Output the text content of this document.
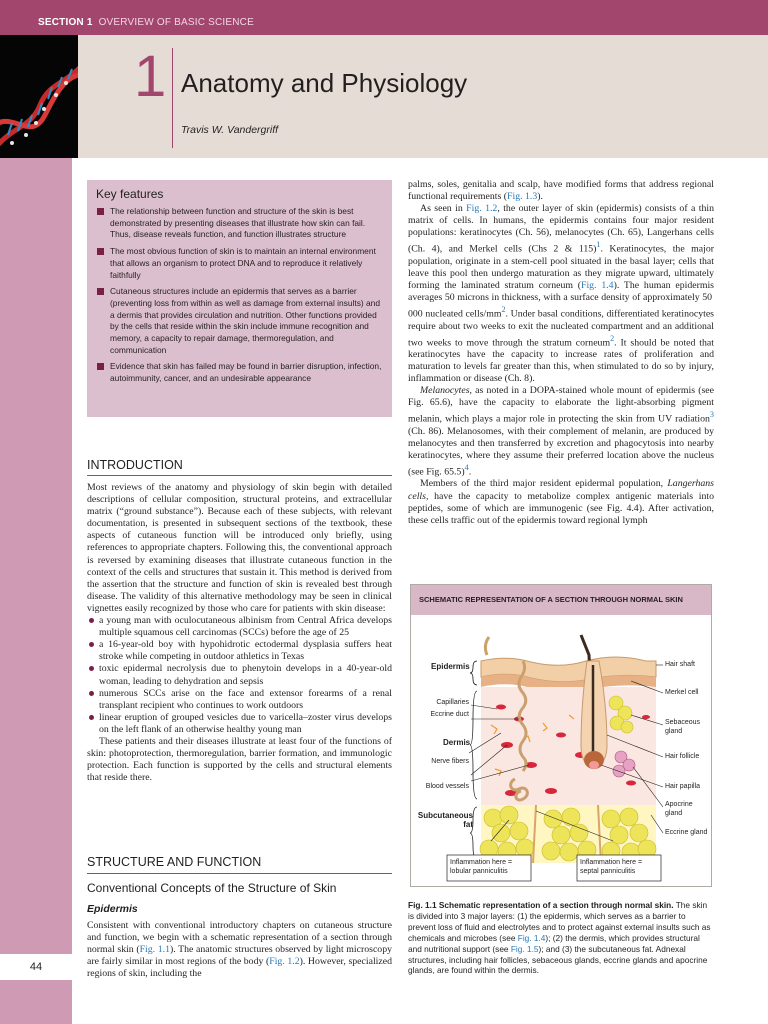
SECTION 1 OVERVIEW OF BASIC SCIENCE
44
1 Anatomy and Physiology
Travis W. Vandergriff
Key features
The relationship between function and structure of the skin is best demonstrated by presenting diseases that illustrate how skin can fail. Thus, disease reveals function, and function illustrates structure
The most obvious function of skin is to maintain an internal environment that allows an organism to protect DNA and to reproduce it relatively faithfully
Cutaneous structures include an epidermis that serves as a barrier (preventing loss from within as well as damage from external insults) and a dermis that provides circulation and nutrition. Other functions provided by the cells that reside within the skin include immune recognition and memory, a capacity to repair damage, thermoregulation, and communication
Evidence that skin has failed may be found in barrier disruption, infection, autoimmunity, cancer, and an undesirable appearance
INTRODUCTION

Most reviews of the anatomy and physiology of skin begin with detailed descriptions of cellular composition, structural proteins, and extracellular matrix (“ground substance”). Because each of these subjects, with relevant documentation, is presented in subsequent sections of the textbook, these aspects of cutaneous function will be introduced only briefly, using references to appropriate chapters. Following this, the conventional approach is reversed by examining diseases that illustrate cutaneous function in the context of the cells and structures that sustain it. This method is derived from the assertion that the structure and function of skin is revealed best through disease. The validity of this alternative methodology may be seen in clinical vignettes easily recognized by those who care for patients with skin disease:

a young man with oculocutaneous albinism from Central Africa develops multiple squamous cell carcinomas (SCCs) before the age of 25
a 16-year-old boy with hypohidrotic ectodermal dysplasia suffers heat stroke while competing in outdoor athletics in Texas
toxic epidermal necrolysis due to phenytoin develops in a 40-year-old woman, leading to dehydration and sepsis
numerous SCCs arise on the face and extensor forearms of a renal transplant recipient who continues to work outdoors
linear eruption of grouped vesicles due to varicella–zoster virus develops on the left flank of an otherwise healthy young man

These patients and their diseases illustrate at least four of the functions of skin: photoprotection, thermoregulation, barrier formation, and immunologic protection. Each function is supported by the cells and structural elements that reside there.

STRUCTURE AND FUNCTION
Conventional Concepts of the Structure of Skin
Epidermis

Consistent with conventional introductory chapters on cutaneous structure and function, we begin with a schematic representation of a section through normal skin (Fig. 1.1). The anatomic structures observed by light microscopy are fairly similar in most regions of the body (Fig. 1.2). However, specialized regions of skin, including the

palms, soles, genitalia and scalp, have modified forms that address regional functional requirements (Fig. 1.3).

As seen in Fig. 1.2, the outer layer of skin (epidermis) consists of a thin matrix of cells. In humans, the epidermis contains four major resident populations: keratinocytes (Ch. 56), melanocytes (Ch. 65), Langerhans cells (Ch. 4), and Merkel cells (Chs 2 & 115)$^1$. Keratinocytes, the major population, originate in a stem-cell pool situated in the basal layer; cells that leave this pool then undergo maturation as they migrate upward, ultimately forming the laminated stratum corneum (Fig. 1.4). The human epidermis averages 50 microns in thickness, with a surface density of approximately 50 000 nucleated cells/$mm^2$. Under basal conditions, differentiated keratinocytes require about two weeks to exit the nucleated compartment and an additional two weeks to move through the stratum corneum$^2$. It should be noted that keratinocytes have the capacity to increase rates of proliferation and maturation to levels far greater than this, when stimulated to do so by injury, inflammation or disease (Ch. 8).

Melanocytes, as noted in a DOPA-stained whole mount of epidermis (see Fig. 65.6), have the capacity to elaborate the light-absorbing pigment melanin, which plays a major role in protecting the skin from UV radiation$^3$ (Ch. 86). Melanosomes, with their complement of melanin, are produced by melanocytes and then transferred by excretion and phagocytosis into nearby keratinocytes, where they assume their preferred location above the nucleus (see Fig. 65.5)$^4$.

Members of the third major resident epidermal population, Langerhans cells, have the capacity to metabolize complex antigenic materials into peptides, some of which are immunogenic (see Fig. 4.4). After activation, these cells traffic out of the epidermis toward regional lymph

SCHEMATIC REPRESENTATION OF A SECTION THROUGH NORMAL SKIN
Epidermis
Capillaries
Eccrine duct
Dermis
Nerve fibers
Blood vessels
Subcutaneous fat
Hair shaft
Merkel cell
Sebaceous gland
Hair follicle
Hair papilla
Apocrine gland
Eccrine gland
Inflammation here = lobular panniculitis
Inflammation here = septal panniculitis
Fig. 1.1 Schematic representation of a section through normal skin. The skin is divided into 3 major layers: (1) the epidermis, which serves as a barrier to prevent loss of fluid and electrolytes and to protect against external insults such as chemicals and microbes (see Fig. 1.4); (2) the dermis, which provides structural and nutritional support (see Fig. 1.5); and (3) the subcutaneous fat. Adnexal structures, including hair follicles, sebaceous glands, eccrine glands and apocrine glands, are found within the dermis.
